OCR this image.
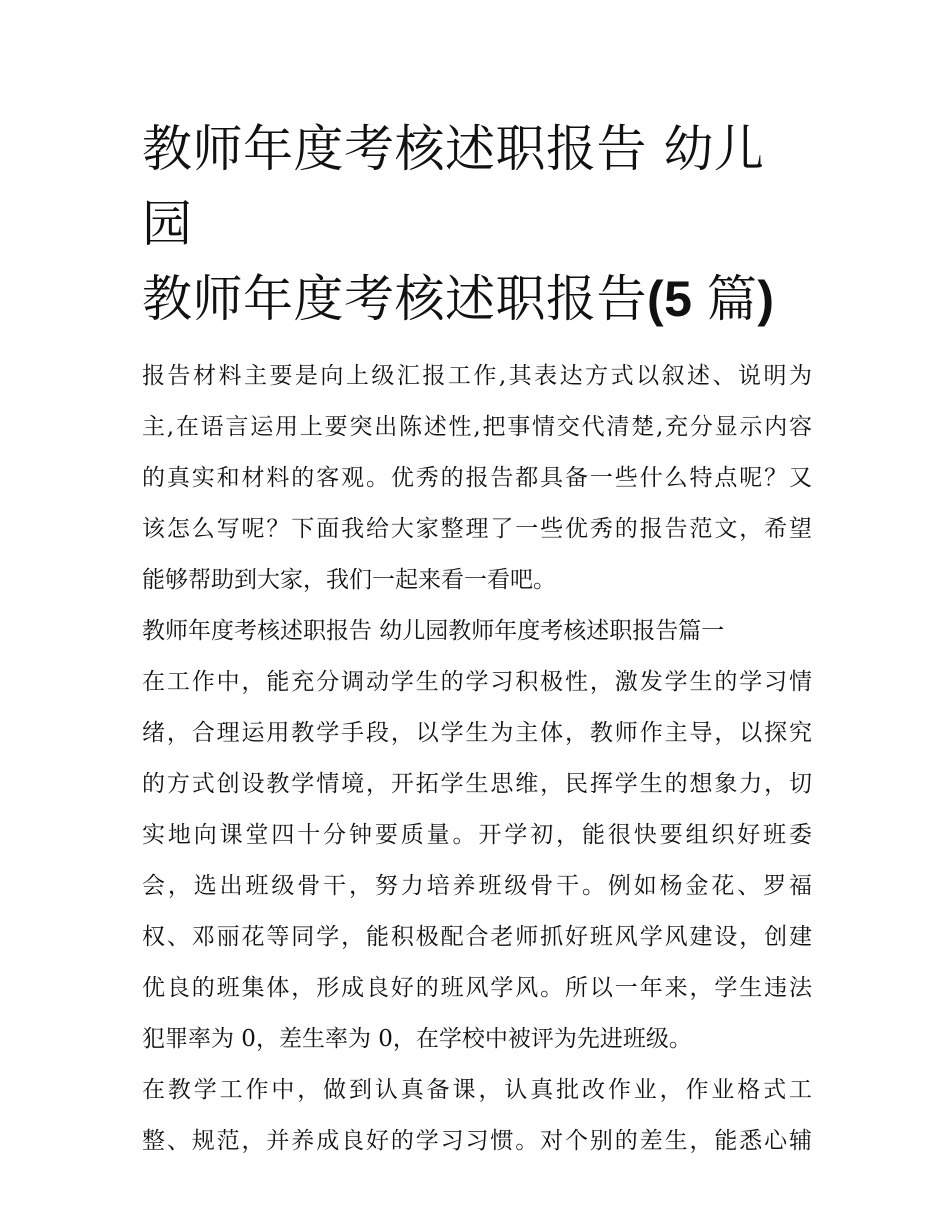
教师年度考核述职报告 幼儿园
教师年度考核述职报告(5 篇)
报告材料主要是向上级汇报工作,其表达方式以叙述、说明为
主,在语言运用上要突出陈述性,把事情交代清楚,充分显示内容
的真实和材料的客观。优秀的报告都具备一些什么特点呢？又
该怎么写呢？下面我给大家整理了一些优秀的报告范文，希望
能够帮助到大家，我们一起来看一看吧。
教师年度考核述职报告 幼儿园教师年度考核述职报告篇一
在工作中，能充分调动学生的学习积极性，激发学生的学习情
绪，合理运用教学手段，以学生为主体，教师作主导，以探究
的方式创设教学情境，开拓学生思维，民挥学生的想象力，切
实地向课堂四十分钟要质量。开学初，能很快要组织好班委
会，选出班级骨干，努力培养班级骨干。例如杨金花、罗福
权、邓丽花等同学，能积极配合老师抓好班风学风建设，创建
优良的班集体，形成良好的班风学风。所以一年来，学生违法
犯罪率为 0，差生率为 0，在学校中被评为先进班级。
在教学工作中，做到认真备课，认真批改作业，作业格式工
整、规范，并养成良好的学习习惯。对个别的差生，能悉心辅
